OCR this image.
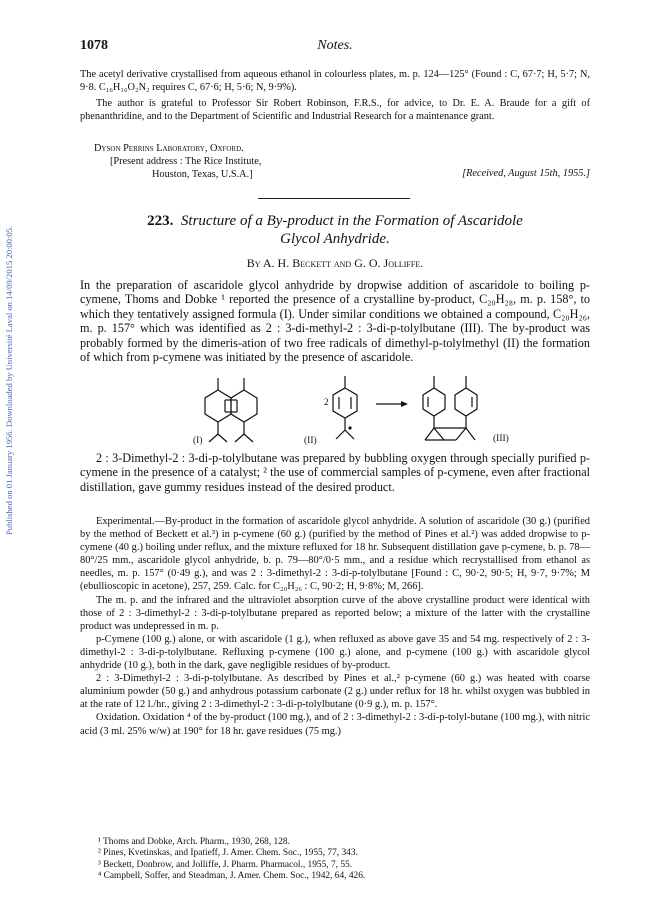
Published on 01 January 1956. Downloaded by Université Laval on 14/09/2015 20:00:05.
1078	Notes.

The acetyl derivative crystallised from aqueous ethanol in colourless plates, m. p. 124—125° (Found : C, 67·7; H, 5·7; N, 9·8. C₁₆H₁₆O₂N₂ requires C, 67·6; H, 5·6; N, 9·9%).

The author is grateful to Professor Sir Robert Robinson, F.R.S., for advice, to Dr. E. A. Braude for a gift of phenanthridine, and to the Department of Scientific and Industrial Research for a maintenance grant.

Dyson Perrins Laboratory, Oxford.
[Present address : The Rice Institute,
Houston, Texas, U.S.A.]	[Received, August 15th, 1955.]
223. Structure of a By-product in the Formation of Ascaridole
Glycol Anhydride.
By A. H. Beckett and G. O. Jolliffe.

In the preparation of ascaridole glycol anhydride by dropwise addition of ascaridole to boiling p-cymene, Thoms and Dobke ¹ reported the presence of a crystalline by-product, C₂₀H₂₈, m. p. 158°, to which they tentatively assigned formula (I). Under similar conditions we obtained a compound, C₂₀H₂₆, m. p. 157° which was identified as 2 : 3-di-methyl-2 : 3-di-p-tolylbutane (III). The by-product was probably formed by the dimeris-ation of two free radicals of dimethyl-p-tolylmethyl (II) the formation of which from p-cymene was initiated by the presence of ascaridole.

(I)	(II)
2
(III)

2 : 3-Dimethyl-2 : 3-di-p-tolylbutane was prepared by bubbling oxygen through specially purified p-cymene in the presence of a catalyst; ² the use of commercial samples of p-cymene, even after fractional distillation, gave gummy residues instead of the desired product.

Experimental.—By-product in the formation of ascaridole glycol anhydride. A solution of ascaridole (30 g.) (purified by the method of Beckett et al.³) in p-cymene (60 g.) (purified by the method of Pines et al.²) was added dropwise to p-cymene (40 g.) boiling under reflux, and the mixture refluxed for 18 hr. Subsequent distillation gave p-cymene, b. p. 78—80°/25 mm., ascaridole glycol anhydride, b. p. 79—80°/0·5 mm., and a residue which recrystallised from ethanol as needles, m. p. 157° (0·49 g.), and was 2 : 3-dimethyl-2 : 3-di-p-tolylbutane [Found : C, 90·2, 90·5; H, 9·7, 9·7%; M (ebullioscopic in acetone), 257, 259. Calc. for C₂₀H₂₆ : C, 90·2; H, 9·8%; M, 266].

The m. p. and the infrared and the ultraviolet absorption curve of the above crystalline product were identical with those of 2 : 3-dimethyl-2 : 3-di-p-tolylbutane prepared as reported below; a mixture of the latter with the crystalline product was undepressed in m. p.

p-Cymene (100 g.) alone, or with ascaridole (1 g.), when refluxed as above gave 35 and 54 mg. respectively of 2 : 3-dimethyl-2 : 3-di-p-tolylbutane. Refluxing p-cymene (100 g.) alone, and p-cymene (100 g.) with ascaridole glycol anhydride (10 g.), both in the dark, gave negligible residues of by-product.

2 : 3-Dimethyl-2 : 3-di-p-tolylbutane. As described by Pines et al.,² p-cymene (60 g.) was heated with coarse aluminium powder (50 g.) and anhydrous potassium carbonate (2 g.) under reflux for 18 hr. whilst oxygen was bubbled in at the rate of 12 l./hr., giving 2 : 3-dimethyl-2 : 3-di-p-tolylbutane (0·9 g.), m. p. 157°.

Oxidation. Oxidation ⁴ of the by-product (100 mg.), and of 2 : 3-dimethyl-2 : 3-di-p-tolyl-butane (100 mg.), with nitric acid (3 ml. 25% w/w) at 190° for 18 hr. gave residues (75 mg.)

¹ Thoms and Dobke, Arch. Pharm., 1930, 268, 128.

² Pines, Kvetinskas, and Ipatieff, J. Amer. Chem. Soc., 1955, 77, 343.

³ Beckett, Donbrow, and Jolliffe, J. Pharm. Pharmacol., 1955, 7, 55.

⁴ Campbell, Soffer, and Steadman, J. Amer. Chem. Soc., 1942, 64, 426.
